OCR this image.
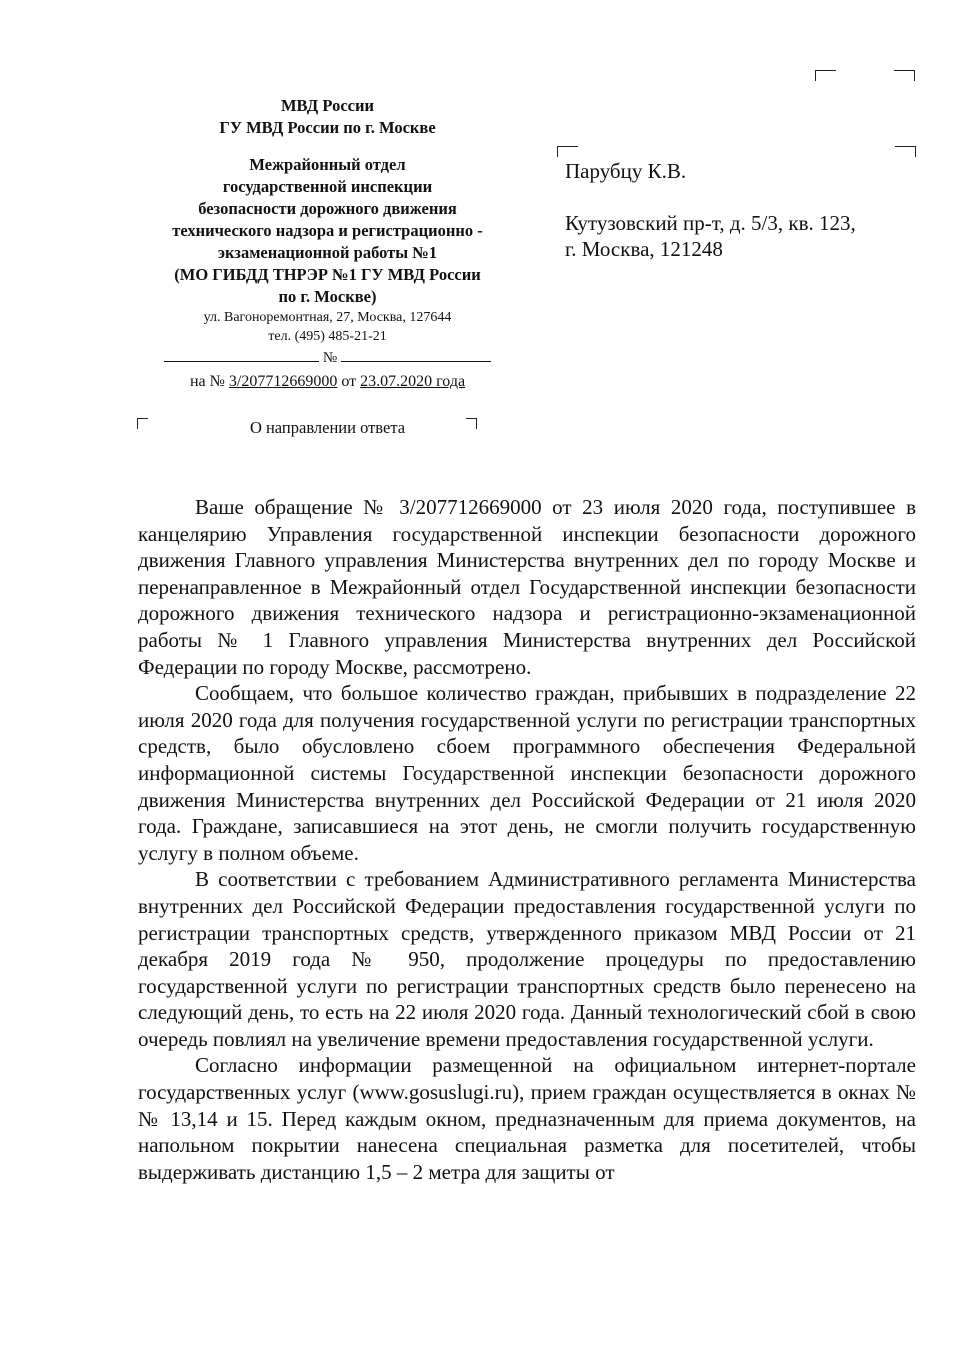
МВД России
ГУ МВД России по г. Москве
Межрайонный отдел
государственной инспекции
безопасности дорожного движения
технического надзора и регистрационно -
экзаменационной работы №1
(МО ГИБДД ТНРЭР №1 ГУ МВД России
по г. Москве)
ул. Вагоноремонтная, 27, Москва, 127644
тел. (495) 485-21-21
№
на № 3/207712669000 от 23.07.2020 года
О направлении ответа
Парубцу К.В.
Кутузовский пр-т, д. 5/3, кв. 123,
г. Москва, 121248

Ваше обращение № 3/207712669000 от 23 июля 2020 года, поступившее в канцелярию Управления государственной инспекции безопасности дорожного движения Главного управления Министерства внутренних дел по городу Москве и перенаправленное в Межрайонный отдел Государственной инспекции безопасности дорожного движения технического надзора и регистрационно-экзаменационной работы № 1 Главного управления Министерства внутренних дел Российской Федерации по городу Москве, рассмотрено.

Сообщаем, что большое количество граждан, прибывших в подразделение 22 июля 2020 года для получения государственной услуги по регистрации транспортных средств, было обусловлено сбоем программного обеспечения Федеральной информационной системы Государственной инспекции безопасности дорожного движения Министерства внутренних дел Российской Федерации от 21 июля 2020 года. Граждане, записавшиеся на этот день, не смогли получить государственную услугу в полном объеме.

В соответствии с требованием Административного регламента Министерства внутренних дел Российской Федерации предоставления государственной услуги по регистрации транспортных средств, утвержденного приказом МВД России от 21 декабря 2019 года № 950, продолжение процедуры по предоставлению государственной услуги по регистрации транспортных средств было перенесено на следующий день, то есть на 22 июля 2020 года. Данный технологический сбой в свою очередь повлиял на увеличение времени предоставления государственной услуги.

Согласно информации размещенной на официальном интернет-портале государственных услуг (www.gosuslugi.ru), прием граждан осуществляется в окнах №№ 13,14 и 15. Перед каждым окном, предназначенным для приема документов, на напольном покрытии нанесена специальная разметка для посетителей, чтобы выдерживать дистанцию 1,5 – 2 метра для защиты от
